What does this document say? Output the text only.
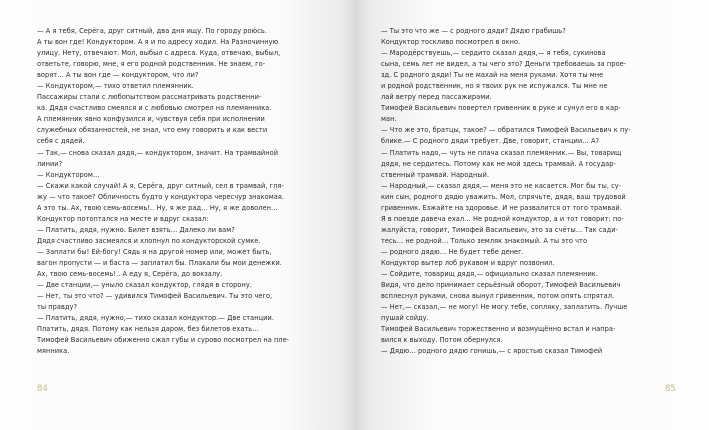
— А я тебя, Серёга, друг ситный, два дня ищу. По городу рою́сь.
А ты вон где! Кондуктором. А я и по адресу ходил. На Разночинную
улицу. Нету, отвечают. Мол, выбыл с адреса. Куда, отвечаю, выбыл,
ответьте, говорю, мне, я его родной родственник. Не знаем, го-
ворят… А ты вон где — кондуктором, что ли?
— Кондуктором,— тихо ответил племянник.
Пассажиры стали с любопытством рассматривать родственни-
ка. Дядя счастливо смеялся и с любовью смотрел на племянника.
А племянник явно конфузился и, чувствуя себя при исполнении
служебных обязанностей, не знал, что ему говорить и как вести
себя с дядей.
— Так,— снова сказал дядя,— кондуктором, значит. На трамвайной
линии?
— Кондуктором…
— Скажи какой случай! А я, Серёга, друг ситный, сел в трамвай, гля-
жу — что такое? Обличность будто у кондуктора чересчур знакомая.
А это ты. Ах, твою семь-восемь!.. Ну, я же рад… Ну, я же доволен…
Кондуктор потоптался на месте и вдруг сказал:
— Платить, дядя, нужно. Билет взять… Далеко ли вам?
Дядя счастливо засмеялся и хлопнул по кондукторской сумке.
— Заплати бы! Ей-богу! Сядь я на другой номер или, может быть,
вагон пропусти — и баста — заплатил бы. Плакали бы мои денежки.
Ах, твою семь-восемь!.. А еду я, Серёга, до вокзалу.
— Две станции,— уныло сказал кондуктор, глядя в сторону.
— Нет, ты это что? — удивился Тимофей Васильевич. Ты это чего,
ты правду?
— Платить, дядя, нужно,— тихо сказал кондуктор.— Две станции.
Платить, дядя. Потому как нельзя даром, без билетов ехать…
Тимофей Васильевич обиженно сжал губы и сурово посмотрел на пле-
мянника.
84
— Ты это что же — с родного дяди? Дядю грабишь?
Кондуктор тоскливо посмотрел в окно.
— Мародёрствуешь,— сердито сказал дядя,— я тебя, сукинова
сына, семь лет не видел, а ты чего это? Деньги требоваешь за прое-
зд. С родного дяди! Ты не махай на меня руками. Хотя ты мне
и родной родственник, но я твоих рук не испужался. Ты мне не
лай ветру перед пассажирами.
Тимофей Васильевич повертел гривенник в руке и сунул его в кар-
ман.
— Что же это, братцы, такое? — обратился Тимофей Васильевич к пу-
блике.— С родного дяди требует. Две, говорит, станции… А?
— Платить надо,— чуть не плача сказал племянник.— Вы, товарищ
дядя, не сердитесь. Потому как не мой здесь трамвай. А государ-
ственный трамвай. Народный.
— Народный,— сказал дядя,— меня это не касается. Мог бы ты, су-
кин сын, родного дядю уважить. Мол, спрячьте, дядя, ваш трудовой
гривенник. Езжайте на здоровье. И не развалится от того трамвай.
Я в поезде давеча ехал… Не родной кондуктор, а и тот говорит: по-
жалуйста, говорит, Тимофей Васильевич, это за счёты… Так сади-
тесь… не родной… Только земляк знакомый. А ты это что
— родного дядю… Не будет тебе денег.
Кондуктор вытер лоб рукавом и вдруг позвонил.
— Сойдите, товарищ дядя,— официально сказал племянник.
Видя, что дело принимает серьёзный оборот, Тимофей Васильевич
всплеснул руками, снова вынул гривенник, потом опять спрятал.
— Нет,— сказал,— не могу! Не могу тебе, сопляку, заплатить. Лучше
пушай сойду.
Тимофей Васильевич торжественно и возмущённо встал и напра-
вился к выходу. Потом обернулся.
— Дядю… родного дядю гонишь,— с яростью сказал Тимофей
85
